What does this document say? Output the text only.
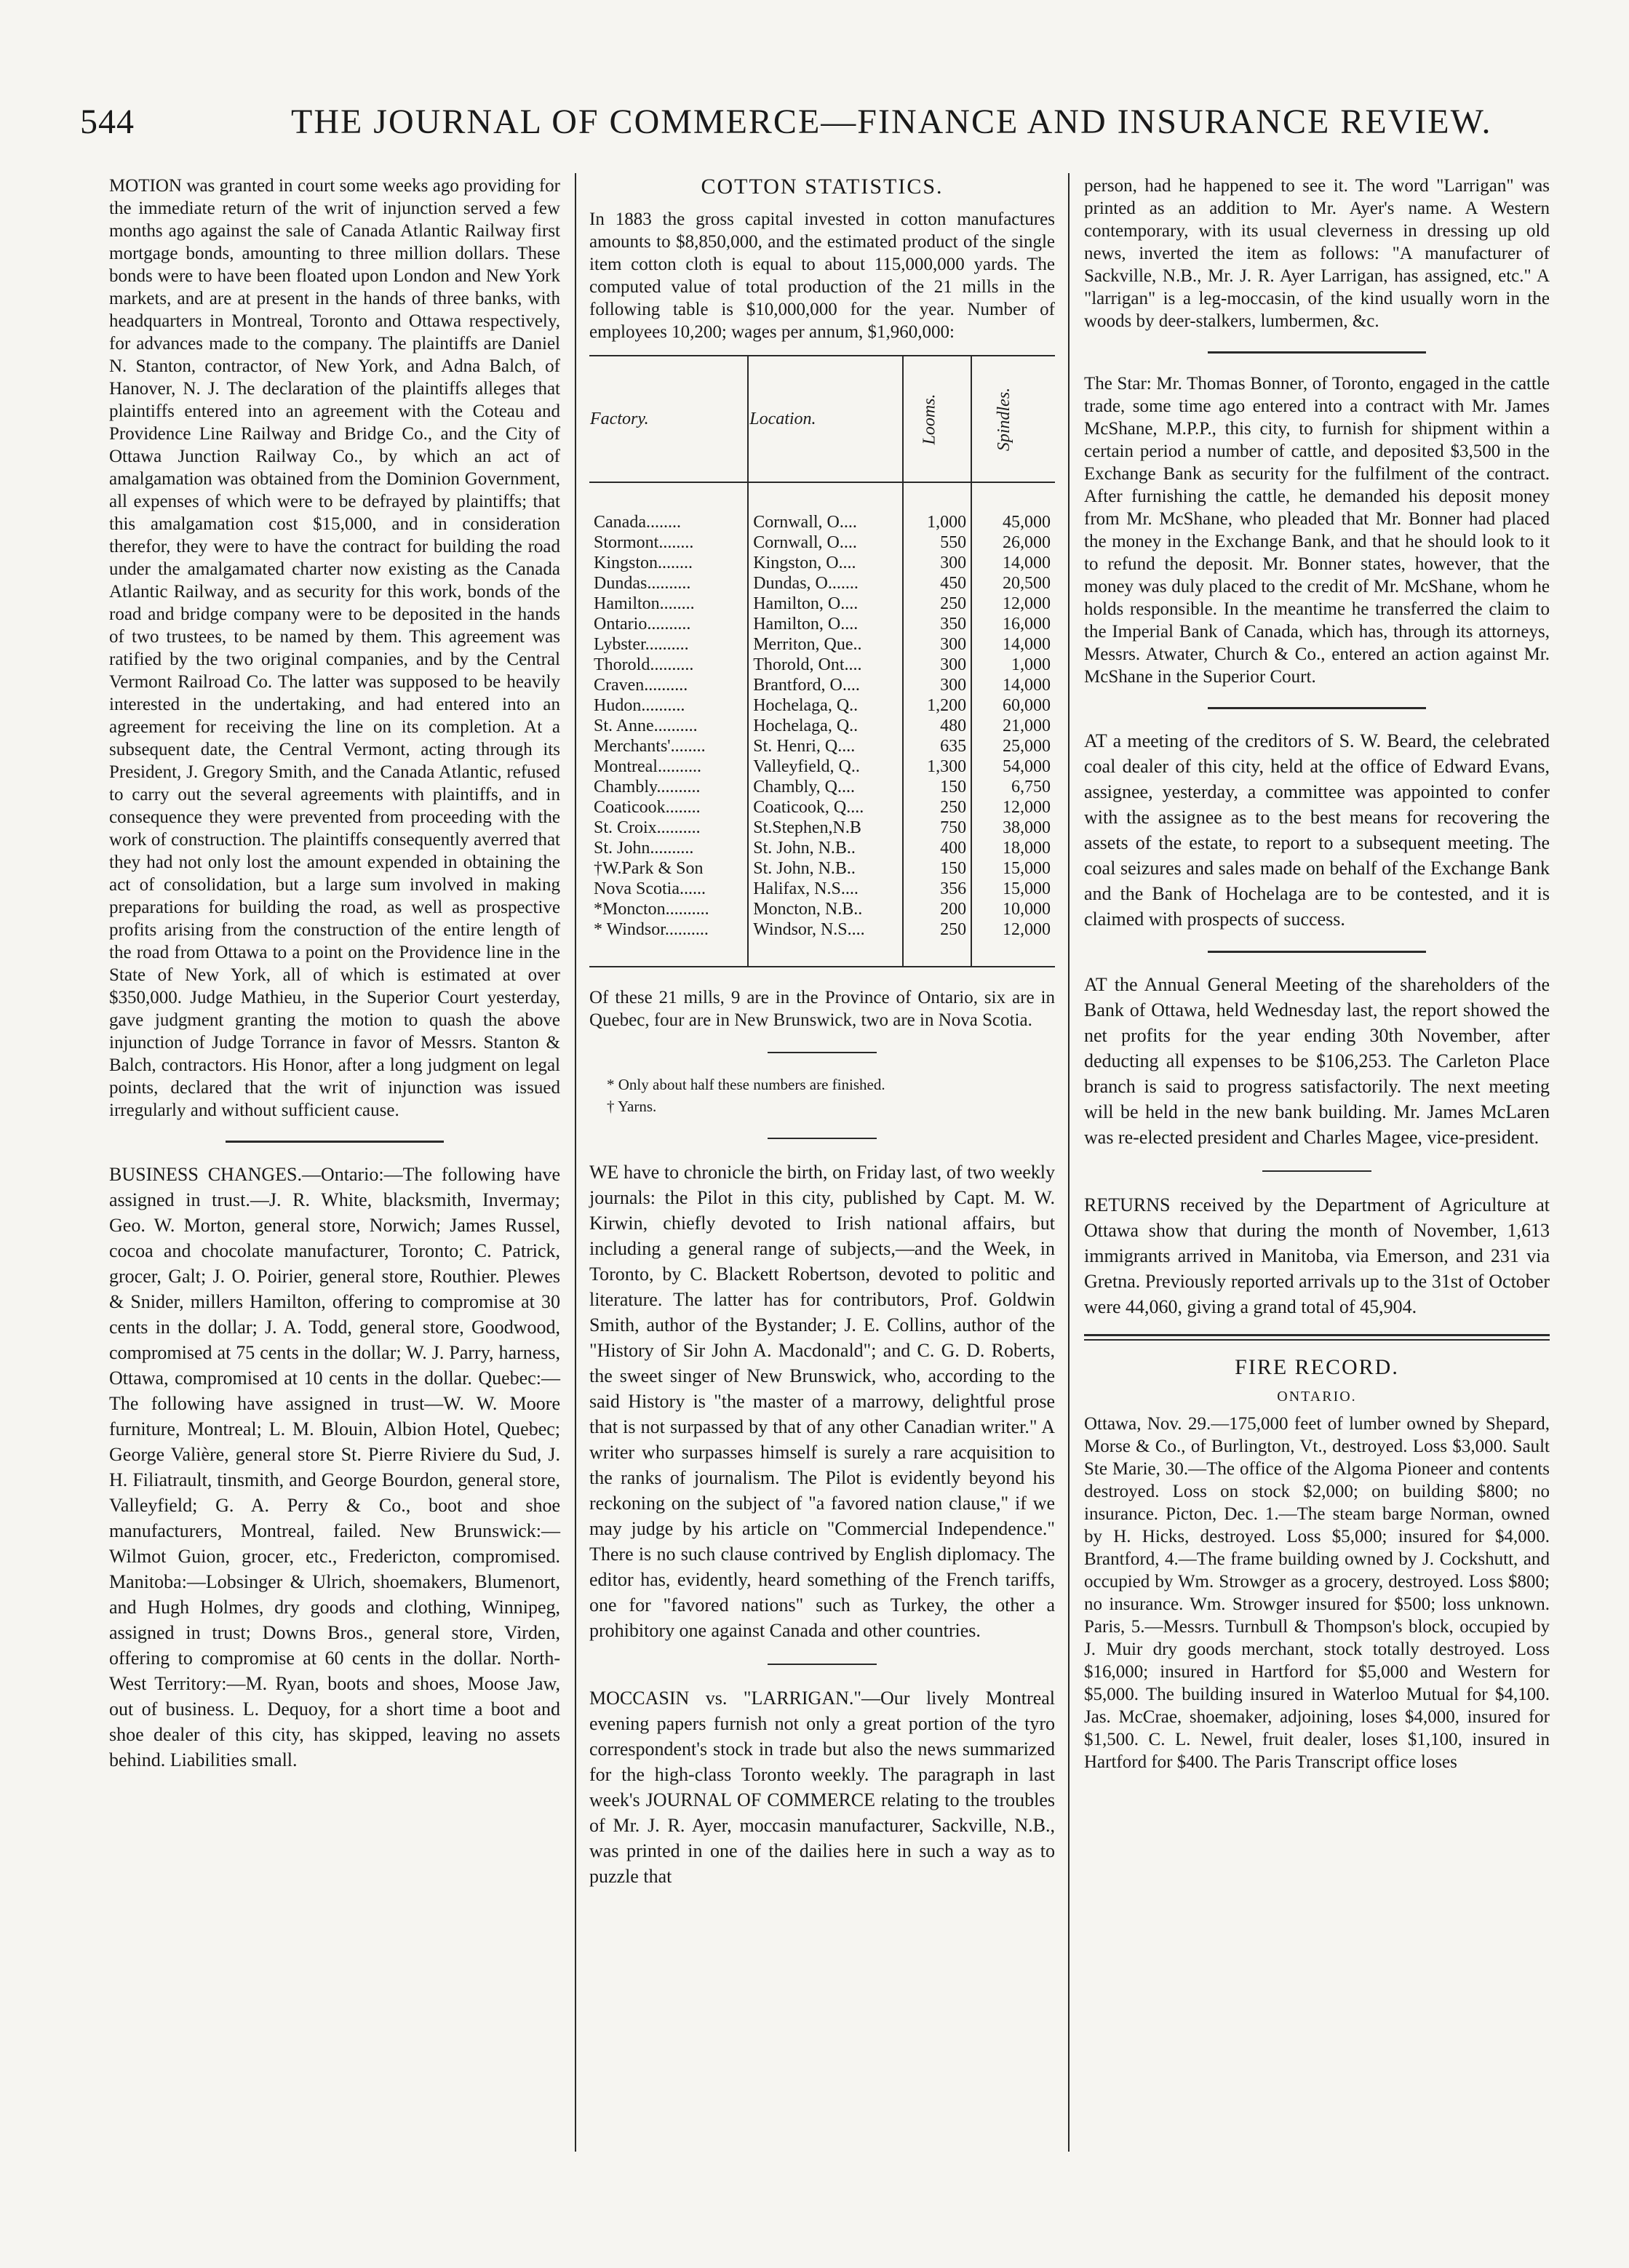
544	THE JOURNAL OF COMMERCE—FINANCE AND INSURANCE REVIEW.

MOTION was granted in court some weeks ago providing for the immediate return of the writ of injunction served a few months ago against the sale of Canada Atlantic Railway first mortgage bonds, amounting to three million dollars. These bonds were to have been floated upon London and New York markets, and are at present in the hands of three banks, with headquarters in Montreal, Toronto and Ottawa respectively, for advances made to the company. The plaintiffs are Daniel N. Stanton, contractor, of New York, and Adna Balch, of Hanover, N. J. The declaration of the plaintiffs alleges that plaintiffs entered into an agreement with the Coteau and Providence Line Railway and Bridge Co., and the City of Ottawa Junction Railway Co., by which an act of amalgamation was obtained from the Dominion Government, all expenses of which were to be defrayed by plaintiffs; that this amalgamation cost $15,000, and in consideration therefor, they were to have the contract for building the road under the amalgamated charter now existing as the Canada Atlantic Railway, and as security for this work, bonds of the road and bridge company were to be deposited in the hands of two trustees, to be named by them. This agreement was ratified by the two original companies, and by the Central Vermont Railroad Co. The latter was supposed to be heavily interested in the undertaking, and had entered into an agreement for receiving the line on its completion. At a subsequent date, the Central Vermont, acting through its President, J. Gregory Smith, and the Canada Atlantic, refused to carry out the several agreements with plaintiffs, and in consequence they were prevented from proceeding with the work of construction. The plaintiffs consequently averred that they had not only lost the amount expended in obtaining the act of consolidation, but a large sum involved in making preparations for building the road, as well as prospective profits arising from the construction of the entire length of the road from Ottawa to a point on the Providence line in the State of New York, all of which is estimated at over $350,000. Judge Mathieu, in the Superior Court yesterday, gave judgment granting the motion to quash the above injunction of Judge Torrance in favor of Messrs. Stanton & Balch, contractors. His Honor, after a long judgment on legal points, declared that the writ of injunction was issued irregularly and without sufficient cause.

BUSINESS CHANGES.—Ontario:—The following have assigned in trust.—J. R. White, blacksmith, Invermay; Geo. W. Morton, general store, Norwich; James Russel, cocoa and chocolate manufacturer, Toronto; C. Patrick, grocer, Galt; J. O. Poirier, general store, Routhier. Plewes & Snider, millers Hamilton, offering to compromise at 30 cents in the dollar; J. A. Todd, general store, Goodwood, compromised at 75 cents in the dollar; W. J. Parry, harness, Ottawa, compromised at 10 cents in the dollar. Quebec:—The following have assigned in trust—W. W. Moore furniture, Montreal; L. M. Blouin, Albion Hotel, Quebec; George Valière, general store St. Pierre Riviere du Sud, J. H. Filiatrault, tinsmith, and George Bourdon, general store, Valleyfield; G. A. Perry & Co., boot and shoe manufacturers, Montreal, failed. New Brunswick:—Wilmot Guion, grocer, etc., Fredericton, compromised. Manitoba:—Lobsinger & Ulrich, shoemakers, Blumenort, and Hugh Holmes, dry goods and clothing, Winnipeg, assigned in trust; Downs Bros., general store, Virden, offering to compromise at 60 cents in the dollar. North-West Territory:—M. Ryan, boots and shoes, Moose Jaw, out of business. L. Dequoy, for a short time a boot and shoe dealer of this city, has skipped, leaving no assets behind. Liabilities small.

COTTON STATISTICS.

In 1883 the gross capital invested in cotton manufactures amounts to $8,850,000, and the estimated product of the single item cotton cloth is equal to about 115,000,000 yards. The computed value of total production of the 21 mills in the following table is $10,000,000 for the year. Number of employees 10,200; wages per annum, $1,960,000:

Factory.	Location.	Looms.	Spindles.

Canada........	Cornwall, O....	1,000	45,000
Stormont........	Cornwall, O....	550	26,000
Kingston........	Kingston, O....	300	14,000
Dundas..........	Dundas, O.......	450	20,500
Hamilton........	Hamilton, O....	250	12,000
Ontario..........	Hamilton, O....	350	16,000
Lybster..........	Merriton, Que..	300	14,000
Thorold..........	Thorold, Ont....	300	1,000
Craven..........	Brantford, O....	300	14,000
Hudon..........	Hochelaga, Q..	1,200	60,000
St. Anne..........	Hochelaga, Q..	480	21,000
Merchants'........	St. Henri, Q....	635	25,000
Montreal..........	Valleyfield, Q..	1,300	54,000
Chambly..........	Chambly, Q....	150	6,750
Coaticook........	Coaticook, Q....	250	12,000
St. Croix..........	St.Stephen,N.B	750	38,000
St. John..........	St. John, N.B..	400	18,000
†W.Park & Son	St. John, N.B..	150	15,000
Nova Scotia......	Halifax, N.S....	356	15,000
*Moncton..........	Moncton, N.B..	200	10,000
* Windsor..........	Windsor, N.S....	250	12,000

Of these 21 mills, 9 are in the Province of Ontario, six are in Quebec, four are in New Brunswick, two are in Nova Scotia.

* Only about half these numbers are finished.
† Yarns.

WE have to chronicle the birth, on Friday last, of two weekly journals: the Pilot in this city, published by Capt. M. W. Kirwin, chiefly devoted to Irish national affairs, but including a general range of subjects,—and the Week, in Toronto, by C. Blackett Robertson, devoted to politic and literature. The latter has for contributors, Prof. Goldwin Smith, author of the Bystander; J. E. Collins, author of the "History of Sir John A. Macdonald"; and C. G. D. Roberts, the sweet singer of New Brunswick, who, according to the said History is "the master of a marrowy, delightful prose that is not surpassed by that of any other Canadian writer." A writer who surpasses himself is surely a rare acquisition to the ranks of journalism. The Pilot is evidently beyond his reckoning on the subject of "a favored nation clause," if we may judge by his article on "Commercial Independence." There is no such clause contrived by English diplomacy. The editor has, evidently, heard something of the French tariffs, one for "favored nations" such as Turkey, the other a prohibitory one against Canada and other countries.

MOCCASIN vs. "LARRIGAN."—Our lively Montreal evening papers furnish not only a great portion of the tyro correspondent's stock in trade but also the news summarized for the high-class Toronto weekly. The paragraph in last week's JOURNAL OF COMMERCE relating to the troubles of Mr. J. R. Ayer, moccasin manufacturer, Sackville, N.B., was printed in one of the dailies here in such a way as to puzzle that

person, had he happened to see it. The word "Larrigan" was printed as an addition to Mr. Ayer's name. A Western contemporary, with its usual cleverness in dressing up old news, inverted the item as follows: "A manufacturer of Sackville, N.B., Mr. J. R. Ayer Larrigan, has assigned, etc." A "larrigan" is a leg-moccasin, of the kind usually worn in the woods by deer-stalkers, lumbermen, &c.

The Star: Mr. Thomas Bonner, of Toronto, engaged in the cattle trade, some time ago entered into a contract with Mr. James McShane, M.P.P., this city, to furnish for shipment within a certain period a number of cattle, and deposited $3,500 in the Exchange Bank as security for the fulfilment of the contract. After furnishing the cattle, he demanded his deposit money from Mr. McShane, who pleaded that Mr. Bonner had placed the money in the Exchange Bank, and that he should look to it to refund the deposit. Mr. Bonner states, however, that the money was duly placed to the credit of Mr. McShane, whom he holds responsible. In the meantime he transferred the claim to the Imperial Bank of Canada, which has, through its attorneys, Messrs. Atwater, Church & Co., entered an action against Mr. McShane in the Superior Court.

AT a meeting of the creditors of S. W. Beard, the celebrated coal dealer of this city, held at the office of Edward Evans, assignee, yesterday, a committee was appointed to confer with the assignee as to the best means for recovering the assets of the estate, to report to a subsequent meeting. The coal seizures and sales made on behalf of the Exchange Bank and the Bank of Hochelaga are to be contested, and it is claimed with prospects of success.

AT the Annual General Meeting of the shareholders of the Bank of Ottawa, held Wednesday last, the report showed the net profits for the year ending 30th November, after deducting all expenses to be $106,253. The Carleton Place branch is said to progress satisfactorily. The next meeting will be held in the new bank building. Mr. James McLaren was re-elected president and Charles Magee, vice-president.

RETURNS received by the Department of Agriculture at Ottawa show that during the month of November, 1,613 immigrants arrived in Manitoba, via Emerson, and 231 via Gretna. Previously reported arrivals up to the 31st of October were 44,060, giving a grand total of 45,904.

FIRE RECORD.
ONTARIO.

Ottawa, Nov. 29.—175,000 feet of lumber owned by Shepard, Morse & Co., of Burlington, Vt., destroyed. Loss $3,000. Sault Ste Marie, 30.—The office of the Algoma Pioneer and contents destroyed. Loss on stock $2,000; on building $800; no insurance. Picton, Dec. 1.—The steam barge Norman, owned by H. Hicks, destroyed. Loss $5,000; insured for $4,000. Brantford, 4.—The frame building owned by J. Cockshutt, and occupied by Wm. Strowger as a grocery, destroyed. Loss $800; no insurance. Wm. Strowger insured for $500; loss unknown. Paris, 5.—Messrs. Turnbull & Thompson's block, occupied by J. Muir dry goods merchant, stock totally destroyed. Loss $16,000; insured in Hartford for $5,000 and Western for $5,000. The building insured in Waterloo Mutual for $4,100. Jas. McCrae, shoemaker, adjoining, loses $4,000, insured for $1,500. C. L. Newel, fruit dealer, loses $1,100, insured in Hartford for $400. The Paris Transcript office loses
